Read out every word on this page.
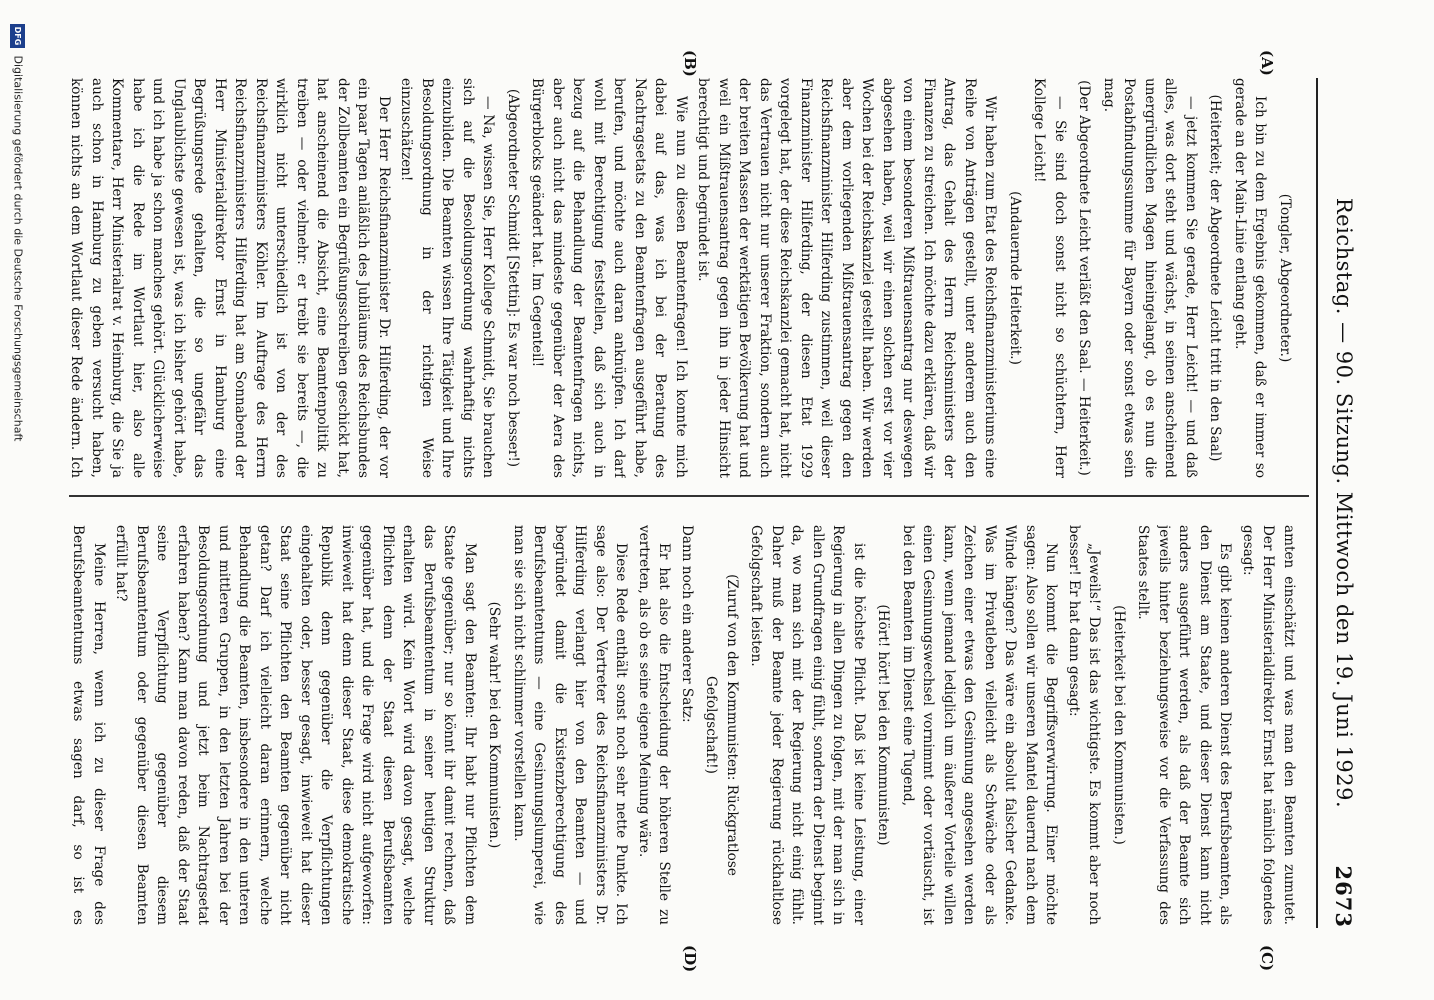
Reichstag. — 90. Sitzung. Mittwoch den 19. Juni 1929.
2673
(A)
(B)
(C)
(D)

(Tongler, Abgeordneter.)

Ich bin zu dem Ergebnis gekommen, daß er immer so gerade an der Main-Linie entlang geht.

(Heiterkeit; der Abgeordnete Leicht tritt in den Saal)

— jetzt kommen Sie gerade, Herr Leicht! — und daß alles, was dort steht und wächst, in seinen anscheinend unergründlichen Magen hineingelangt, ob es nun die Postabfindungssumme für Bayern oder sonst etwas sein mag.

(Der Abgeordnete Leicht verläßt den Saal. — Heiterkeit.)

— Sie sind doch sonst nicht so schüchtern, Herr Kollege Leicht!

(Andauernde Heiterkeit.)

Wir haben zum Etat des Reichsfinanzministeriums eine Reihe von Anträgen gestellt, unter anderem auch den Antrag, das Gehalt des Herrn Reichsministers der Finanzen zu streichen. Ich möchte dazu erklären, daß wir von einem besonderen Mißtrauensantrag nur deswegen abgesehen haben, weil wir einen solchen erst vor vier Wochen bei der Reichskanzlei gestellt haben. Wir werden aber dem vorliegenden Mißtrauensantrag gegen den Reichsfinanzminister Hilferding zustimmen, weil dieser Finanzminister Hilferding, der diesen Etat 1929 vorgelegt hat, der diese Reichskanzlei gemacht hat, nicht das Vertrauen nicht nur unserer Fraktion, sondern auch der breiten Massen der werktätigen Bevölkerung hat und weil ein Mißtrauensantrag gegen ihn in jeder Hinsicht berechtigt und begründet ist.

Wie nun zu diesen Beamtenfragen! Ich konnte mich dabei auf das, was ich bei der Beratung des Nachtragsetats zu den Beamtenfragen ausgeführt habe, berufen, und möchte auch daran anknüpfen. Ich darf wohl mit Berechtigung feststellen, daß sich auch in bezug auf die Behandlung der Beamtenfragen nichts, aber auch nicht das mindeste gegenüber der Aera des Bürgerblocks geändert hat. Im Gegenteil!

(Abgeordneter Schmidt [Stettin]: Es war noch besser!)

— Na, wissen Sie, Herr Kollege Schmidt, Sie brauchen sich auf die Besoldungsordnung wahrhaftig nichts einzubilden. Die Beamten wissen Ihre Tätigkeit und Ihre Besoldungsordnung in der richtigen Weise einzuschätzen!

Der Herr Reichsfinanzminister Dr. Hilferding, der vor ein paar Tagen anläßlich des Jubiläums des Reichsbundes der Zollbeamten ein Begrüßungsschreiben geschickt hat, hat anscheinend die Absicht, eine Beamtenpolitik zu treiben — oder vielmehr: er treibt sie bereits —, die wirklich nicht unterschiedlich ist von der des Reichsfinanzministers Köhler. Im Auftrage des Herrn Reichsfinanzministers Hilferding hat am Sonnabend der Herr Ministerialdirektor Ernst in Hamburg eine Begrüßungsrede gehalten, die so ungefähr das Unglaublichste gewesen ist, was ich bisher gehört habe, und ich habe ja schon manches gehört. Glücklicherweise habe ich die Rede im Wortlaut hier, also alle Kommentare, Herr Ministerialrat v. Heimburg, die Sie ja auch schon in Hamburg zu geben versucht haben, können nichts an dem Wortlaut dieser Rede ändern. Ich

amten einschätzt und was man den Beamten zumutet. Der Herr Ministerialdirektor Ernst hat nämlich folgendes gesagt:

Es gibt keinen anderen Dienst des Berufsbeamten, als den Dienst am Staate, und dieser Dienst kann nicht anders ausgeführt werden, als daß der Beamte sich jeweils hinter beziehungsweise vor die Verfassung des Staates stellt.

(Heiterkeit bei den Kommunisten.)

„Jeweils!“ Das ist das wichtigste. Es kommt aber noch besser! Er hat dann gesagt:

Nun kommt die Begriffsverwirrung. Einer möchte sagen: Also sollen wir unseren Mantel dauernd nach dem Winde hängen? Das wäre ein absolut falscher Gedanke. Was im Privatleben vielleicht als Schwäche oder als Zeichen einer etwas den Gesinnung angesehen werden kann, wenn jemand lediglich um äußerer Vorteile willen einen Gesinnungswechsel vornimmt oder vortäuscht, ist bei den Beamten im Dienst eine Tugend,

(Hört! hört! bei den Kommunisten)

ist die höchste Pflicht. Daß ist keine Leistung, einer Regierung in allen Dingen zu folgen, mit der man sich in allen Grundfragen einig fühlt, sondern der Dienst beginnt da, wo man sich mit der Regierung nicht einig fühlt. Daher muß der Beamte jeder Regierung rückhaltlose Gefolgschaft leisten.

(Zuruf von den Kommunisten: Rückgratlose Gefolgschaft!)

Dann noch ein anderer Satz:

Er hat also die Entscheidung der höheren Stelle zu vertreten, als ob es seine eigene Meinung wäre.

Diese Rede enthält sonst noch sehr nette Punkte. Ich sage also: Der Vertreter des Reichsfinanzministers Dr. Hilferding verlangt hier von den Beamten — und begründet damit die Existenzberechtigung des Berufsbeamtentums — eine Gesinnungslumperei, wie man sie sich nicht schlimmer vorstellen kann.

(Sehr wahr! bei den Kommunisten.)

Man sagt den Beamten: Ihr habt nur Pflichten dem Staate gegenüber; nur so könnt ihr damit rechnen, daß das Berufsbeamtentum in seiner heutigen Struktur erhalten wird. Kein Wort wird davon gesagt, welche Pflichten denn der Staat diesen Berufsbeamten gegenüber hat, und die Frage wird nicht aufgeworfen: inwieweit hat denn dieser Staat, diese demokratische Republik denn gegenüber die Verpflichtungen eingehalten oder, besser gesagt, inwieweit hat dieser Staat seine Pflichten den Beamten gegenüber nicht getan? Darf ich vielleicht daran erinnern, welche Behandlung die Beamten, insbesondere in den unteren und mittleren Gruppen, in den letzten Jahren bei der Besoldungsordnung und jetzt beim Nachtragsetat erfahren haben? Kann man davon reden, daß der Staat seine Verpflichtung gegenüber diesem Berufsbeamtentum oder gegenüber diesen Beamten erfüllt hat?

Meine Herren, wenn ich zu dieser Frage des Berufsbeamtentums etwas sagen darf, so ist es

DFG Digitalisierung gefördert durch die Deutsche Forschungsgemeinschaft
